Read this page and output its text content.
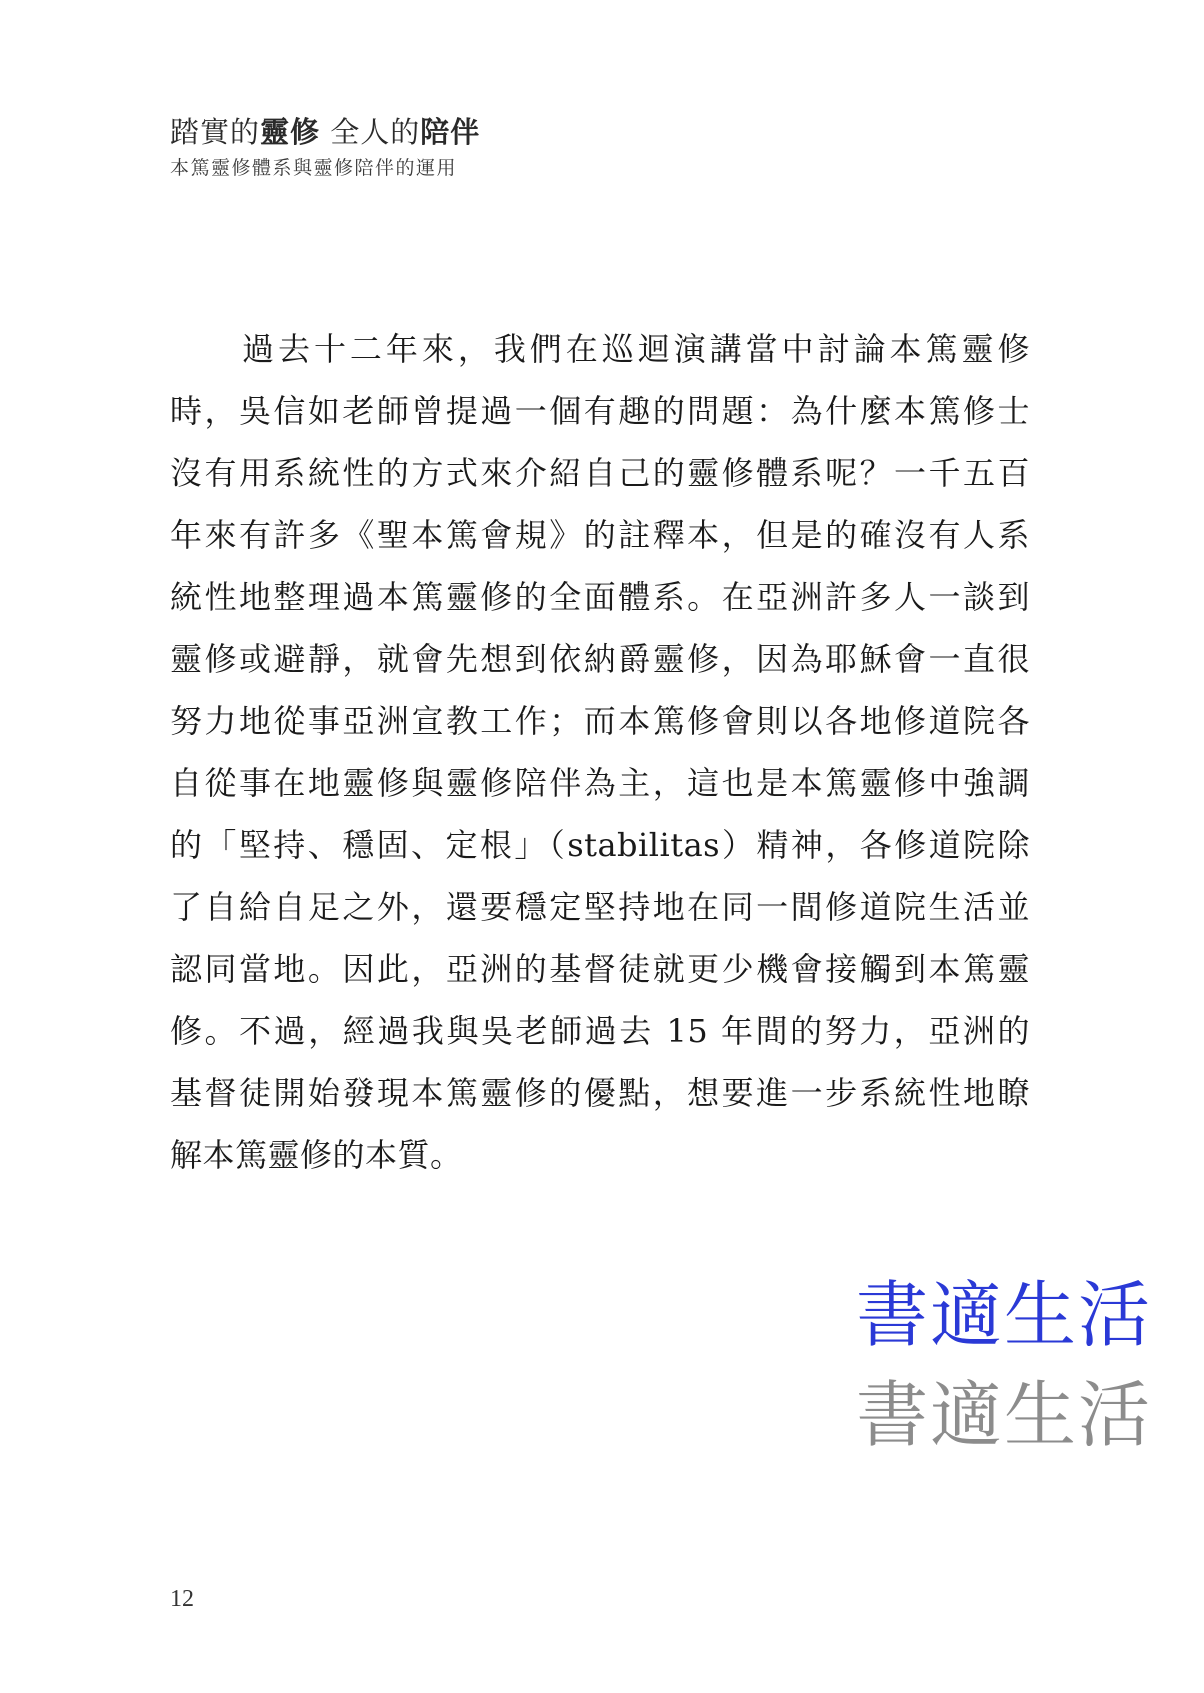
踏實的靈修 全人的陪伴
本篤靈修體系與靈修陪伴的運用
過去十二年來，我們在巡迴演講當中討論本篤靈修
時，吳信如老師曾提過一個有趣的問題：為什麼本篤修士
沒有用系統性的方式來介紹自己的靈修體系呢？一千五百
年來有許多《聖本篤會規》的註釋本，但是的確沒有人系
統性地整理過本篤靈修的全面體系。在亞洲許多人一談到
靈修或避靜，就會先想到依納爵靈修，因為耶穌會一直很
努力地從事亞洲宣教工作；而本篤修會則以各地修道院各
自從事在地靈修與靈修陪伴為主，這也是本篤靈修中強調
的「堅持、穩固、定根」（stabilitas）精神，各修道院除
了自給自足之外，還要穩定堅持地在同一間修道院生活並
認同當地。因此，亞洲的基督徒就更少機會接觸到本篤靈
修。不過，經過我與吳老師過去 15 年間的努力，亞洲的
基督徒開始發現本篤靈修的優點，想要進一步系統性地瞭
解本篤靈修的本質。
書適生活
書適生活
12
